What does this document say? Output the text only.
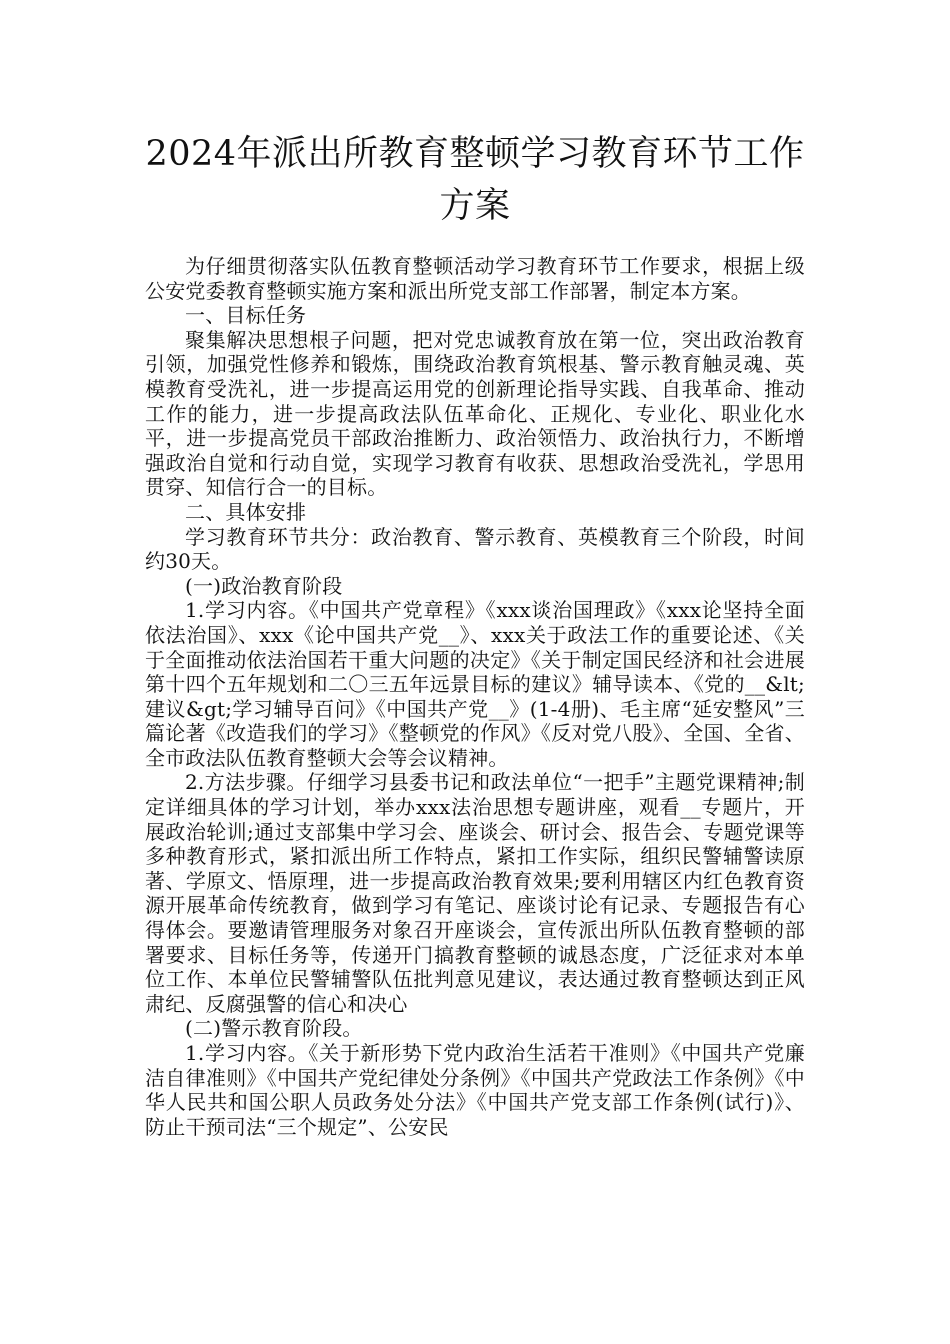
2024年派出所教育整顿学习教育环节工作方案

为仔细贯彻落实队伍教育整顿活动学习教育环节工作要求，根据上级公安党委教育整顿实施方案和派出所党支部工作部署，制定本方案。

一、目标任务

聚集解决思想根子问题，把对党忠诚教育放在第一位，突出政治教育引领，加强党性修养和锻炼，围绕政治教育筑根基、警示教育触灵魂、英模教育受洗礼，进一步提高运用党的创新理论指导实践、自我革命、推动工作的能力，进一步提高政法队伍革命化、正规化、专业化、职业化水平，进一步提高党员干部政治推断力、政治领悟力、政治执行力，不断增强政治自觉和行动自觉，实现学习教育有收获、思想政治受洗礼，学思用贯穿、知信行合一的目标。

二、具体安排

学习教育环节共分：政治教育、警示教育、英模教育三个阶段，时间约30天。

(一)政治教育阶段

1.学习内容。《中国共产党章程》《xxx谈治国理政》《xxx论坚持全面依法治国》、xxx《论中国共产党__》、xxx关于政法工作的重要论述、《关于全面推动依法治国若干重大问题的决定》《关于制定国民经济和社会进展第十四个五年规划和二〇三五年远景目标的建议》辅导读本、《党的__&lt;建议&gt;学习辅导百问》《中国共产党__》(1-4册)、毛主席“延安整风”三篇论著《改造我们的学习》《整顿党的作风》《反对党八股》、全国、全省、全市政法队伍教育整顿大会等会议精神。

2.方法步骤。仔细学习县委书记和政法单位“一把手”主题党课精神;制定详细具体的学习计划，举办xxx法治思想专题讲座，观看__专题片，开展政治轮训;通过支部集中学习会、座谈会、研讨会、报告会、专题党课等多种教育形式，紧扣派出所工作特点，紧扣工作实际，组织民警辅警读原著、学原文、悟原理，进一步提高政治教育效果;要利用辖区内红色教育资源开展革命传统教育，做到学习有笔记、座谈讨论有记录、专题报告有心得体会。要邀请管理服务对象召开座谈会，宣传派出所队伍教育整顿的部署要求、目标任务等，传递开门搞教育整顿的诚恳态度，广泛征求对本单位工作、本单位民警辅警队伍批判意见建议，表达通过教育整顿达到正风肃纪、反腐强警的信心和决心

(二)警示教育阶段。

1.学习内容。《关于新形势下党内政治生活若干准则》《中国共产党廉洁自律准则》《中国共产党纪律处分条例》《中国共产党政法工作条例》《中华人民共和国公职人员政务处分法》《中国共产党支部工作条例(试行)》、防止干预司法“三个规定”、公安民
